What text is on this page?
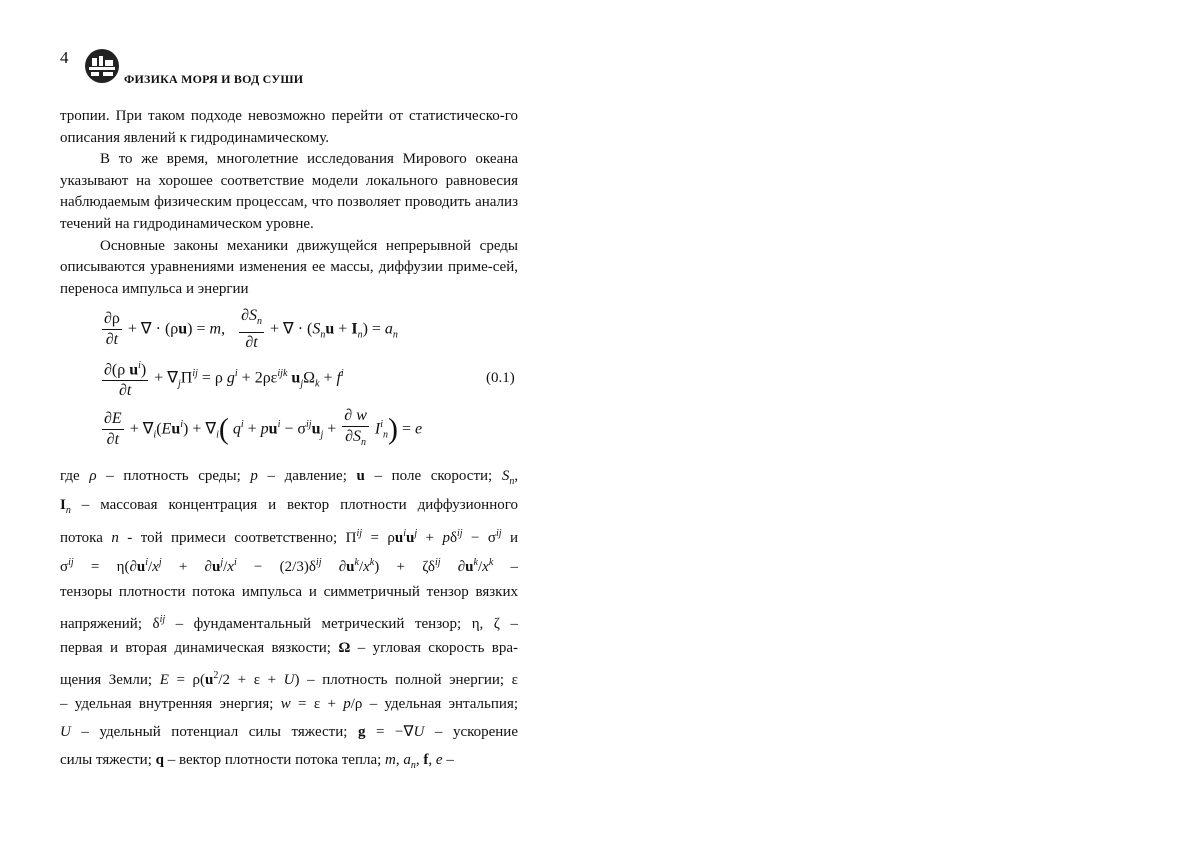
4
ФИЗИКА МОРЯ И ВОД СУШИ

тропии. При таком подходе невозможно перейти от статистическо-го описания явлений к гидродинамическому.

В то же время, многолетние исследования Мирового океана указывают на хорошее соответствие модели локального равновесия наблюдаемым физическим процессам, что позволяет проводить анализ течений на гидродинамическом уровне.

Основные законы механики движущейся непрерывной среды описываются уравнениями изменения ее массы, диффузии приме-сей, переноса импульса и энергии

$\frac{\partial\rho}{\partial t}$ + ∇ · (ρu) = m, $\frac{\partial S_n}{\partial t}$ + ∇ · $(S_nu + I_n) = a_n$
$\frac{\partial(\rho u^i)}{\partial t} + \nabla_j\Pi^{ij} = \rho$ $g^i + 2\rho\varepsilon^{ijk}$ $u_j\Omega_k + f^i$	(0.1)
$\frac{\partial E}{\partial t} + \nabla_i(Eu^i) + \nabla_i$( $q^i + pu^i - \sigma^{ij}u_j + \frac{\partial w}{\partial S_n} I^i_n) = e$
где ρ – плотность среды; p – давление; u – поле скорости; $S_n$,
$I_n$ – массовая концентрация и вектор плотности диффузионного
потока n - той примеси соответственно; $\Pi^{ij} = \rho u^iu^j + p\delta^{ij} - \sigma^{ij}$ и
$\sigma^{ij} = \eta(\partial u^i/x^j + \partial u^j/x^i - (2/3)\delta^{ij}$ $\partial u^k/x^k) + \zeta\delta^{ij}$ $\partial u^k/x^k$ –
тензоры плотности потока импульса и симметричный тензор вязких
напряжений; $\delta^{ij}$ – фундаментальный метрический тензор; η, ζ –
первая и вторая динамическая вязкости; Ω – угловая скорость вра-
щения Земли; $E = \rho(u^2/2 + \varepsilon + U)$ – плотность полной энергии; ε
– удельная внутренняя энергия; w = ε + p/ρ – удельная энтальпия;
U – удельный потенциал силы тяжести; g = −∇U – ускорение
силы тяжести; q – вектор плотности потока тепла; m, $a_n$, f, e –
